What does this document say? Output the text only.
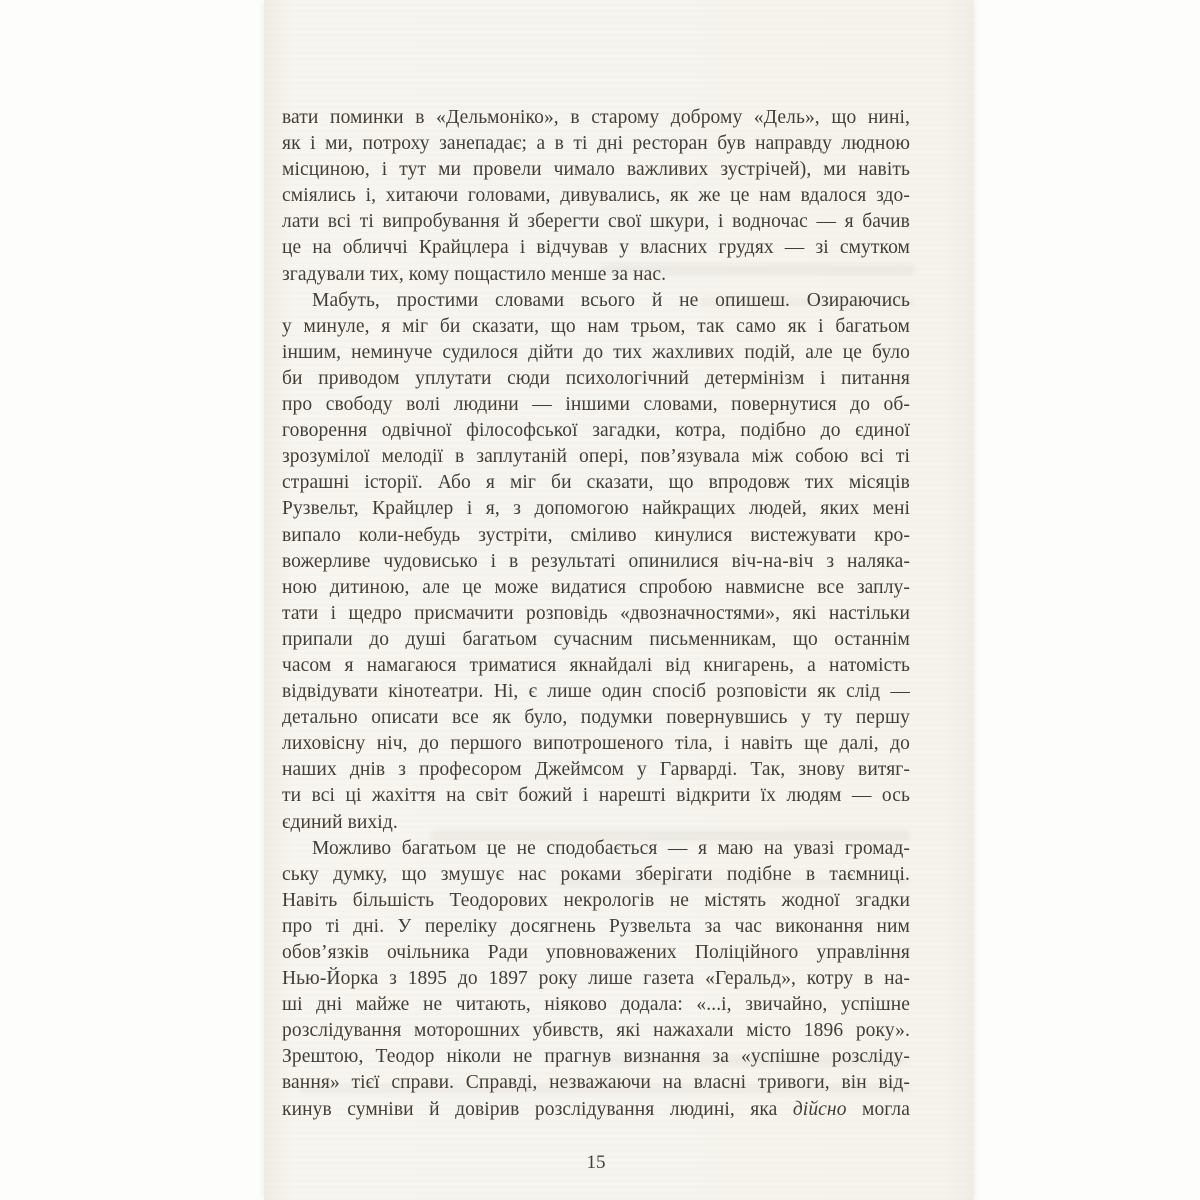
вати поминки в «Дельмоніко», в старому доброму «Дель», що нині,
як і ми, потроху занепадає; а в ті дні ресторан був направду людною
місциною, і тут ми провели чимало важливих зустрічей), ми навіть
сміялись і, хитаючи головами, дивувались, як же це нам вдалося здо-
лати всі ті випробування й зберегти свої шкури, і водночас — я бачив
це на обличчі Крайцлера і відчував у власних грудях — зі смутком
згадували тих, кому пощастило менше за нас.
Мабуть, простими словами всього й не опишеш. Озираючись
у минуле, я міг би сказати, що нам трьом, так само як і багатьом
іншим, неминуче судилося дійти до тих жахливих подій, але це було
би приводом уплутати сюди психологічний детермінізм і питання
про свободу волі людини — іншими словами, повернутися до об-
говорення одвічної філософської загадки, котра, подібно до єдиної
зрозумілої мелодії в заплутаній опері, пов’язувала між собою всі ті
страшні історії. Або я міг би сказати, що впродовж тих місяців
Рузвельт, Крайцлер і я, з допомогою найкращих людей, яких мені
випало коли-небудь зустріти, сміливо кинулися вистежувати кро-
вожерливе чудовисько і в результаті опинилися віч-на-віч з наляка-
ною дитиною, але це може видатися спробою навмисне все заплу-
тати і щедро присмачити розповідь «двозначностями», які настільки
припали до душі багатьом сучасним письменникам, що останнім
часом я намагаюся триматися якнайдалі від книгарень, а натомість
відвідувати кінотеатри. Ні, є лише один спосіб розповісти як слід —
детально описати все як було, подумки повернувшись у ту першу
лиховісну ніч, до першого випотрошеного тіла, і навіть ще далі, до
наших днів з професором Джеймсом у Гарварді. Так, знову витяг-
ти всі ці жахіття на світ божий і нарешті відкрити їх людям — ось
єдиний вихід.
Можливо багатьом це не сподобається — я маю на увазі громад-
ську думку, що змушує нас роками зберігати подібне в таємниці.
Навіть більшість Теодорових некрологів не містять жодної згадки
про ті дні. У переліку досягнень Рузвельта за час виконання ним
обов’язків очільника Ради уповноважених Поліційного управління
Нью-Йорка з 1895 до 1897 року лише газета «Геральд», котру в на-
ші дні майже не читають, ніяково додала: «...і, звичайно, успішне
розслідування моторошних убивств, які нажахали місто 1896 року».
Зрештою, Теодор ніколи не прагнув визнання за «успішне розсліду-
вання» тієї справи. Справді, незважаючи на власні тривоги, він від-
кинув сумніви й довірив розслідування людині, яка дійсно могла
15
